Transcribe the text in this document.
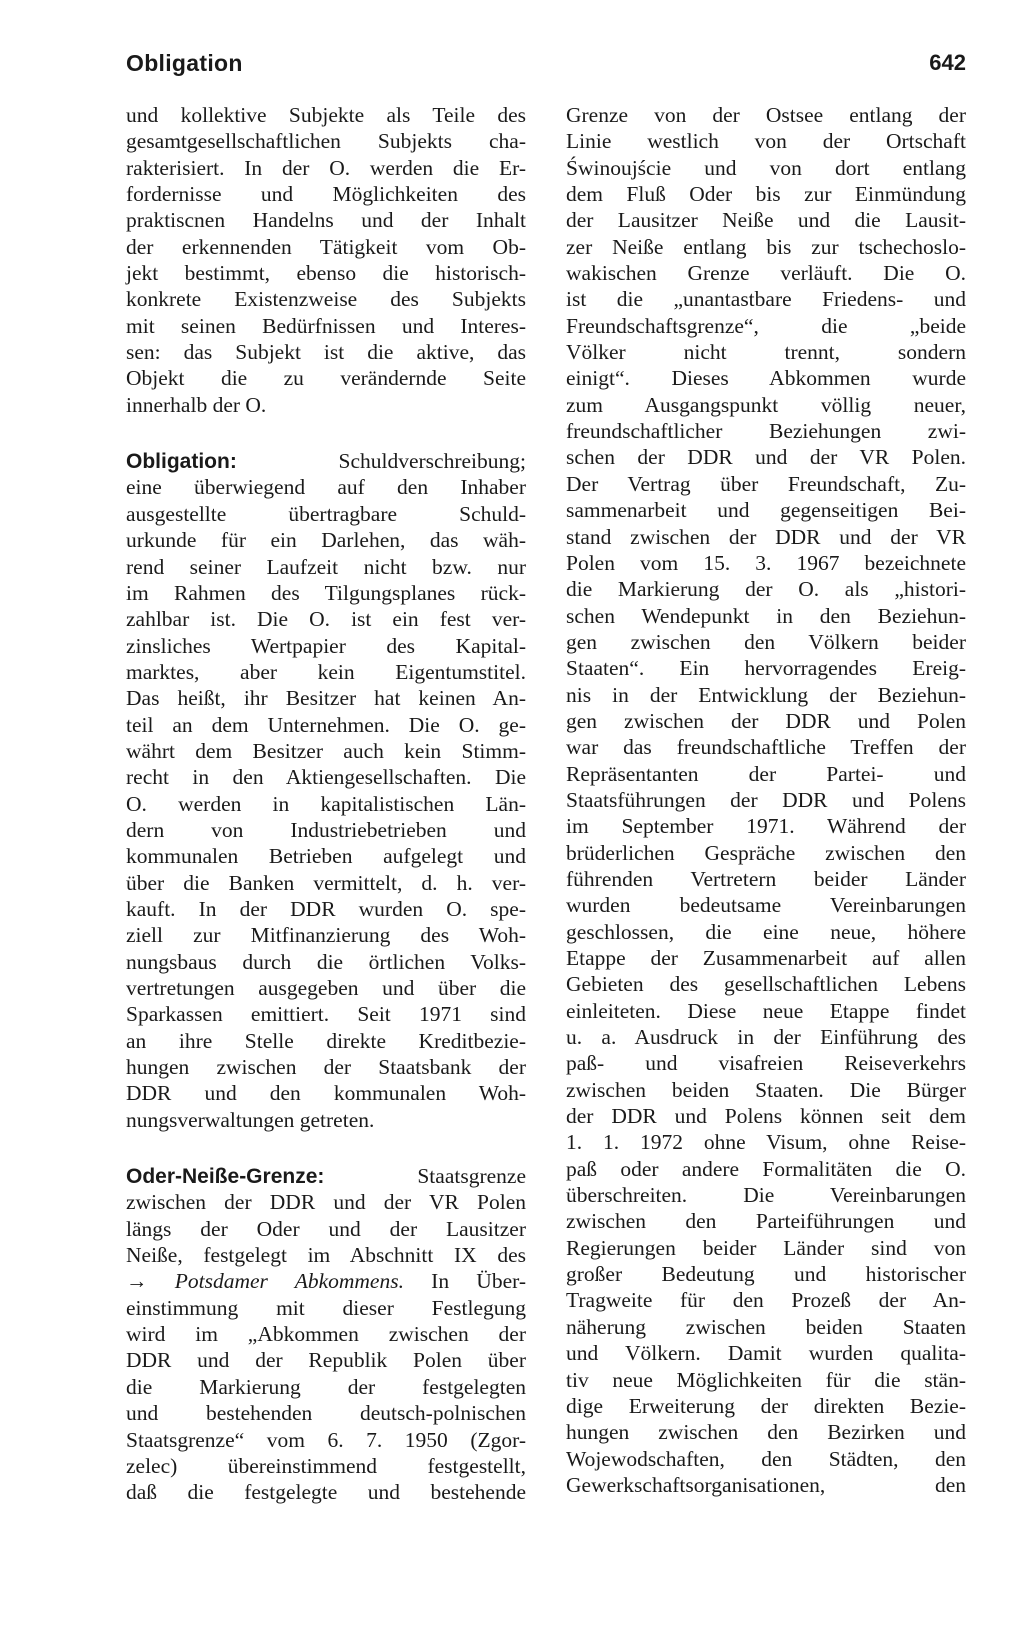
Obligation	642
und kollektive Subjekte als Teile des
gesamtgesellschaftlichen Subjekts cha-
rakterisiert. In der O. werden die Er-
fordernisse und Möglichkeiten des
praktiscnen Handelns und der Inhalt
der erkennenden Tätigkeit vom Ob-
jekt bestimmt, ebenso die historisch-
konkrete Existenzweise des Subjekts
mit seinen Bedürfnissen und Interes-
sen: das Subjekt ist die aktive, das
Objekt die zu verändernde Seite
innerhalb der O.
Obligation:	Schuldverschreibung;
eine überwiegend auf den Inhaber
ausgestellte übertragbare Schuld-
urkunde für ein Darlehen, das wäh-
rend seiner Laufzeit nicht bzw. nur
im Rahmen des Tilgungsplanes rück-
zahlbar ist. Die O. ist ein fest ver-
zinsliches Wertpapier des Kapital-
marktes, aber kein Eigentumstitel.
Das heißt, ihr Besitzer hat keinen An-
teil an dem Unternehmen. Die O. ge-
währt dem Besitzer auch kein Stimm-
recht in den Aktiengesellschaften. Die
O. werden in kapitalistischen Län-
dern von Industriebetrieben und
kommunalen Betrieben aufgelegt und
über die Banken vermittelt, d. h. ver-
kauft. In der DDR wurden O. spe-
ziell zur Mitfinanzierung des Woh-
nungsbaus durch die örtlichen Volks-
vertretungen ausgegeben und über die
Sparkassen emittiert. Seit 1971 sind
an ihre Stelle direkte Kreditbezie-
hungen zwischen der Staatsbank der
DDR und den kommunalen Woh-
nungsverwaltungen getreten.
Oder-Neiße-Grenze:	Staatsgrenze
zwischen der DDR und der VR Polen
längs der Oder und der Lausitzer
Neiße, festgelegt im Abschnitt IX des
→ Potsdamer Abkommens. In Über-
einstimmung mit dieser Festlegung
wird im „Abkommen zwischen der
DDR und der Republik Polen über
die Markierung der festgelegten
und bestehenden deutsch-polnischen
Staatsgrenze“ vom 6. 7. 1950 (Zgor-
zelec) übereinstimmend festgestellt,
daß die festgelegte und bestehende
Grenze von der Ostsee entlang der
Linie westlich von der Ortschaft
Świnoujście und von dort entlang
dem Fluß Oder bis zur Einmündung
der Lausitzer Neiße und die Lausit-
zer Neiße entlang bis zur tschechoslo-
wakischen Grenze verläuft. Die O.
ist die „unantastbare Friedens- und
Freundschaftsgrenze“, die „beide
Völker nicht trennt, sondern
einigt“. Dieses Abkommen wurde
zum Ausgangspunkt völlig neuer,
freundschaftlicher Beziehungen zwi-
schen der DDR und der VR Polen.
Der Vertrag über Freundschaft, Zu-
sammenarbeit und gegenseitigen Bei-
stand zwischen der DDR und der VR
Polen vom 15. 3. 1967 bezeichnete
die Markierung der O. als „histori-
schen Wendepunkt in den Beziehun-
gen zwischen den Völkern beider
Staaten“. Ein hervorragendes Ereig-
nis in der Entwicklung der Beziehun-
gen zwischen der DDR und Polen
war das freundschaftliche Treffen der
Repräsentanten der Partei- und
Staatsführungen der DDR und Polens
im September 1971. Während der
brüderlichen Gespräche zwischen den
führenden Vertretern beider Länder
wurden bedeutsame Vereinbarungen
geschlossen, die eine neue, höhere
Etappe der Zusammenarbeit auf allen
Gebieten des gesellschaftlichen Lebens
einleiteten. Diese neue Etappe findet
u. a. Ausdruck in der Einführung des
paß- und visafreien Reiseverkehrs
zwischen beiden Staaten. Die Bürger
der DDR und Polens können seit dem
1. 1. 1972 ohne Visum, ohne Reise-
paß oder andere Formalitäten die O.
überschreiten. Die Vereinbarungen
zwischen den Parteiführungen und
Regierungen beider Länder sind von
großer Bedeutung und historischer
Tragweite für den Prozeß der An-
näherung zwischen beiden Staaten
und Völkern. Damit wurden qualita-
tiv neue Möglichkeiten für die stän-
dige Erweiterung der direkten Bezie-
hungen zwischen den Bezirken und
Wojewodschaften, den Städten, den
Gewerkschaftsorganisationen, den
